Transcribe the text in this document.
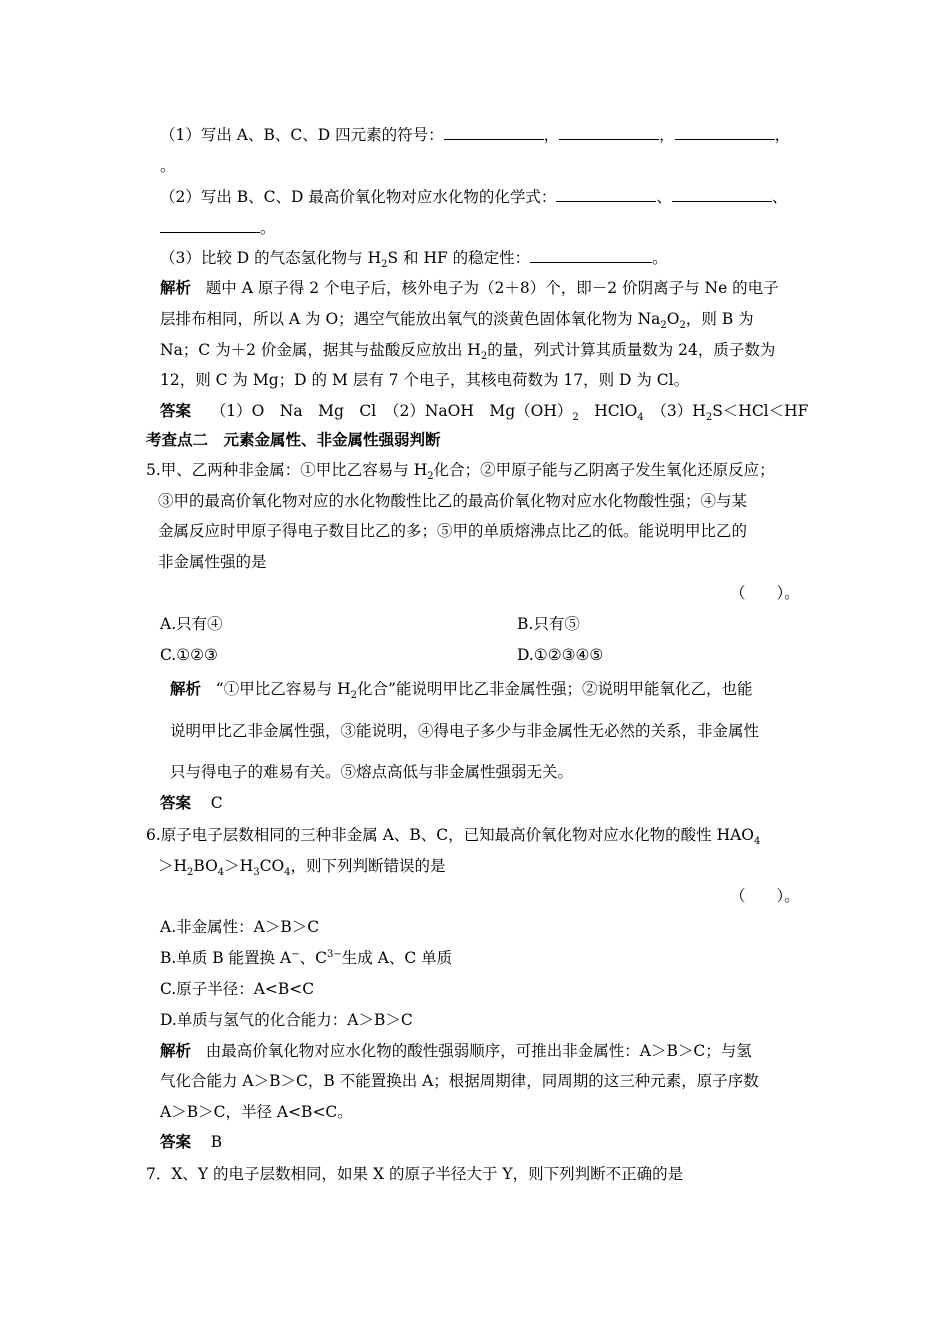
（1）写出 A、B、C、D 四元素的符号：	，	，	，
。
（2）写出 B、C、D 最高价氧化物对应水化物的化学式：	、	、
。
（3）比较 D 的气态氢化物与 $H_2S$ 和 HF 的稳定性：	。
解析 题中 A 原子得 2 个电子后，核外电子为（2＋8）个，即－2 价阴离子与 Ne 的电子
层排布相同，所以 A 为 O；遇空气能放出氧气的淡黄色固体氧化物为 $Na_2O_2$，则 B 为
Na；C 为＋2 价金属，据其与盐酸反应放出 $H_2$的量，列式计算其质量数为 24，质子数为
12，则 C 为 Mg；D 的 M 层有 7 个电子，其核电荷数为 17，则 D 为 Cl。
答案 （1）O　Na　Mg　Cl　（2）NaOH　$Mg(OH)_2$　HClO$_4$　$(3)H_2S<HCl<HF$
考查点二　元素金属性、非金属性强弱判断
5.甲、乙两种非金属：①甲比乙容易与 $H_2$化合；②甲原子能与乙阴离子发生氧化还原反应；
③甲的最高价氧化物对应的水化物酸性比乙的最高价氧化物对应水化物酸性强；④与某
金属反应时甲原子得电子数目比乙的多；⑤甲的单质熔沸点比乙的低。能说明甲比乙的
非金属性强的是
（　　）。
A.只有④	B.只有⑤
C.①②③	D.①②③④⑤
解析 “①甲比乙容易与 $H_2$化合”能说明甲比乙非金属性强；②说明甲能氧化乙，也能
说明甲比乙非金属性强，③能说明，④得电子多少与非金属性无必然的关系，非金属性
只与得电子的难易有关。⑤熔点高低与非金属性强弱无关。
答案 C
6.原子电子层数相同的三种非金属 A、B、C，已知最高价氧化物对应水化物的酸性 $HAO_4$
$>H_2BO_4>H_3CO_4$，则下列判断错误的是
（　　）。
A.非金属性：A＞B＞C
B.单质 B 能置换 A−、$C^{3-}$生成 A、C 单质
C.原子半径：A<B<C
D.单质与氢气的化合能力：A＞B＞C
解析 由最高价氧化物对应水化物的酸性强弱顺序，可推出非金属性：A＞B＞C；与氢
气化合能力 A＞B＞C，B 不能置换出 A；根据周期律，同周期的这三种元素，原子序数
A＞B＞C，半径 A<B<C。
答案 B
7．X、Y 的电子层数相同，如果 X 的原子半径大于 Y，则下列判断不正确的是
